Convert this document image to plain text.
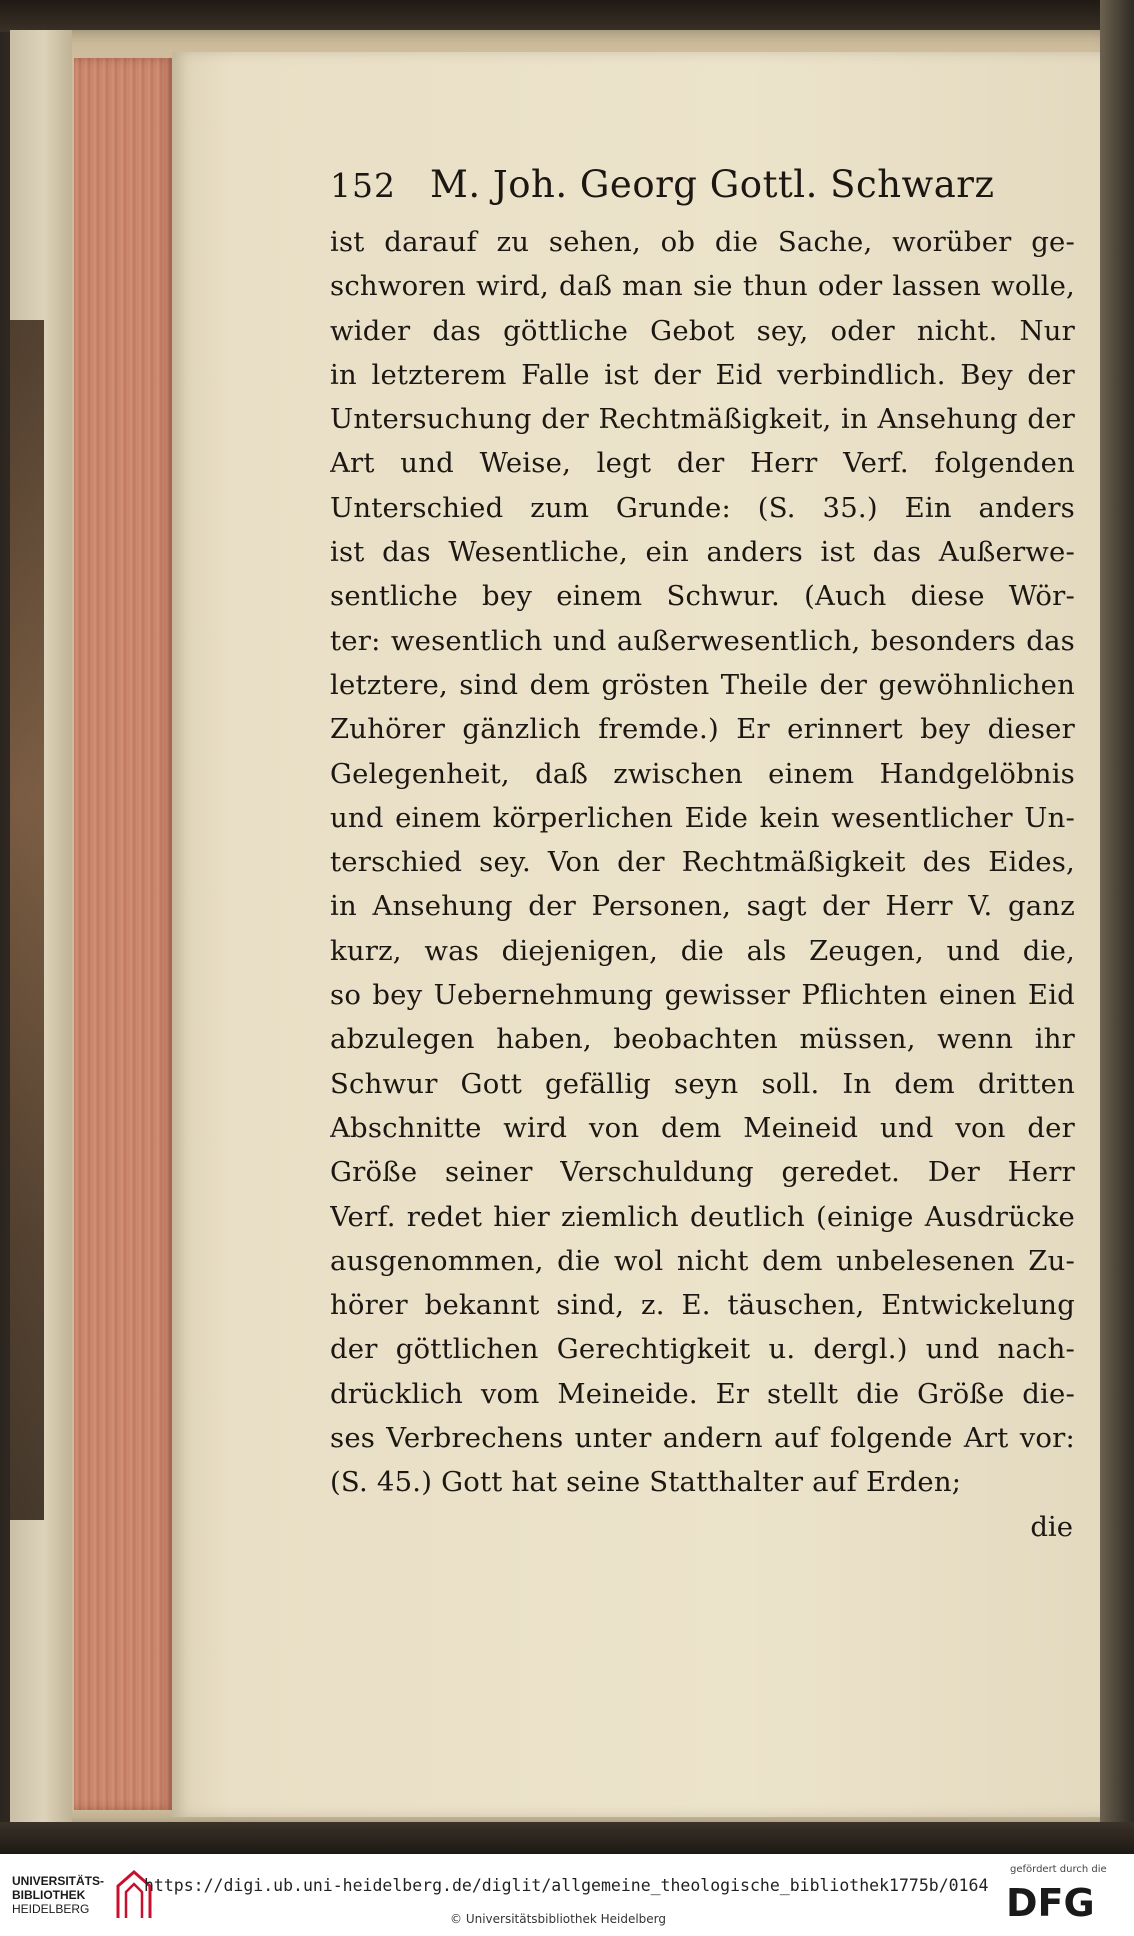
152 M. Joh. Georg Gottl. Schwarz
ist darauf zu sehen, ob die Sache, worüber ge-
schworen wird, daß man sie thun oder lassen wolle,
wider das göttliche Gebot sey, oder nicht. Nur
in letzterem Falle ist der Eid verbindlich. Bey der
Untersuchung der Rechtmäßigkeit, in Ansehung der
Art und Weise, legt der Herr Verf. folgenden
Unterschied zum Grunde: (S. 35.) Ein anders
ist das Wesentliche, ein anders ist das Außerwe-
sentliche bey einem Schwur. (Auch diese Wör-
ter: wesentlich und außerwesentlich, besonders das
letztere, sind dem grösten Theile der gewöhnlichen
Zuhörer gänzlich fremde.) Er erinnert bey dieser
Gelegenheit, daß zwischen einem Handgelöbnis
und einem körperlichen Eide kein wesentlicher Un-
terschied sey. Von der Rechtmäßigkeit des Eides,
in Ansehung der Personen, sagt der Herr V. ganz
kurz, was diejenigen, die als Zeugen, und die,
so bey Uebernehmung gewisser Pflichten einen Eid
abzulegen haben, beobachten müssen, wenn ihr
Schwur Gott gefällig seyn soll. In dem dritten
Abschnitte wird von dem Meineid und von der
Größe seiner Verschuldung geredet. Der Herr
Verf. redet hier ziemlich deutlich (einige Ausdrücke
ausgenommen, die wol nicht dem unbelesenen Zu-
hörer bekannt sind, z. E. täuschen, Entwickelung
der göttlichen Gerechtigkeit u. dergl.) und nach-
drücklich vom Meineide. Er stellt die Größe die-
ses Verbrechens unter andern auf folgende Art vor:
(S. 45.) Gott hat seine Statthalter auf Erden;
die
UNIVERSITÄTS-
BIBLIOTHEK
HEIDELBERG
https://digi.ub.uni-heidelberg.de/diglit/allgemeine_theologische_bibliothek1775b/0164
© Universitätsbibliothek Heidelberg
gefördert durch die
DFG
